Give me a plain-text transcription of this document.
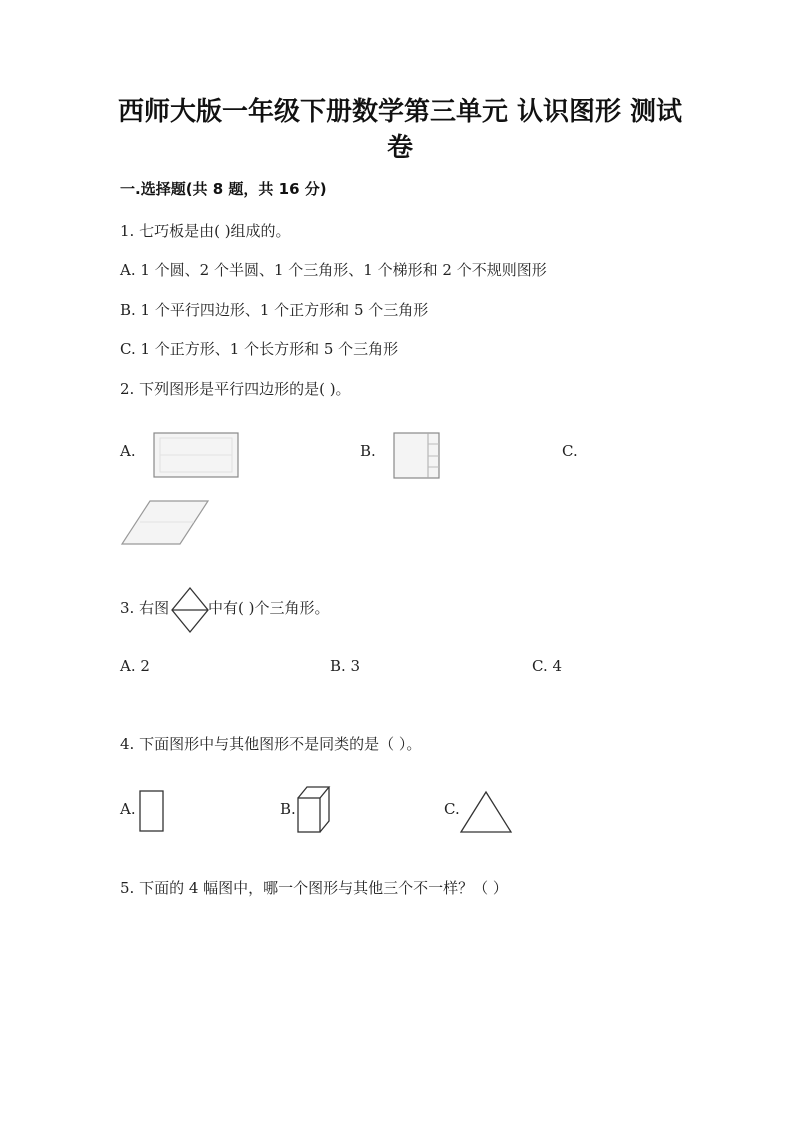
西师大版一年级下册数学第三单元 认识图形 测试
卷
一.选择题(共 8 题，共 16 分)
1. 七巧板是由( )组成的。
A. 1 个圆、2 个半圆、1 个三角形、1 个梯形和 2 个不规则图形
B. 1 个平行四边形、1 个正方形和 5 个三角形
C. 1 个正方形、1 个长方形和 5 个三角形
2. 下列图形是平行四边形的是( )。
A.	B.	C.
3. 右图	中有( )个三角形。
A. 2	B. 3	C. 4
4. 下面图形中与其他图形不是同类的是（ ）。
A.	B.	C.
5. 下面的 4 幅图中，哪一个图形与其他三个不一样？（ ）
